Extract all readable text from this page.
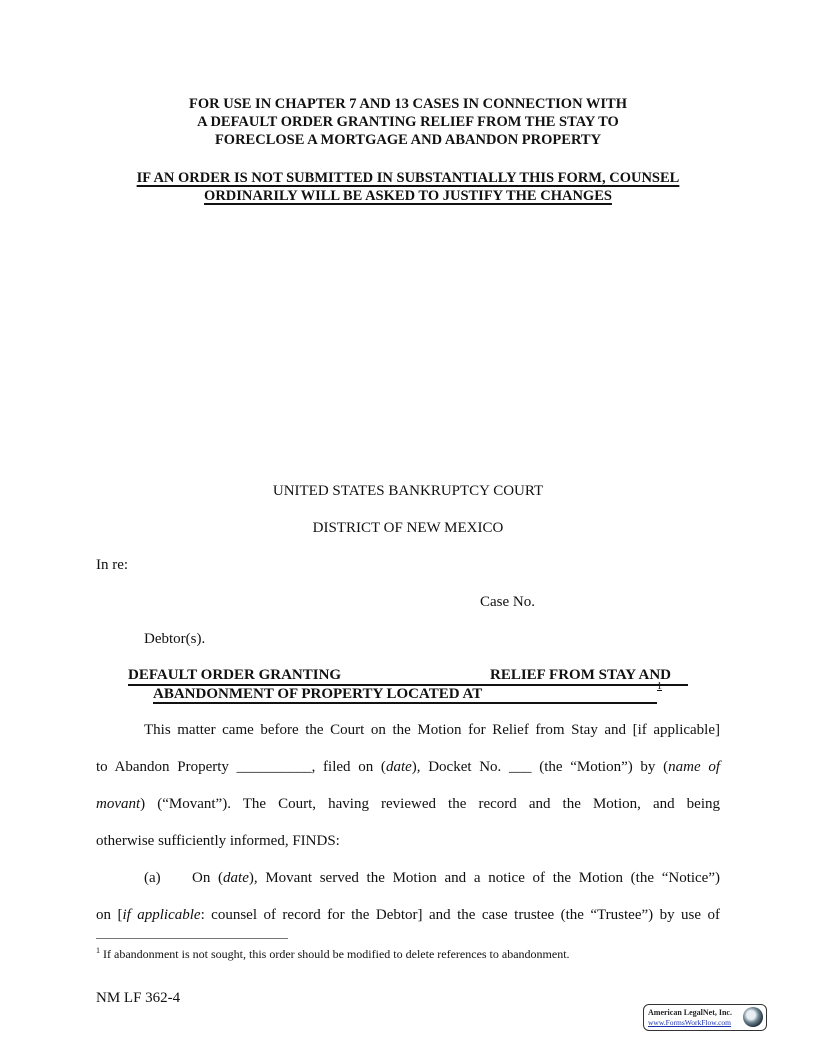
FOR USE IN CHAPTER 7 AND 13 CASES IN CONNECTION WITH
A DEFAULT ORDER GRANTING RELIEF FROM THE STAY TO
FORECLOSE A MORTGAGE AND ABANDON PROPERTY
IF AN ORDER IS NOT SUBMITTED IN SUBSTANTIALLY THIS FORM, COUNSEL
ORDINARILY WILL BE ASKED TO JUSTIFY THE CHANGES
UNITED STATES BANKRUPTCY COURT
DISTRICT OF NEW MEXICO
In re:
Case No.
Debtor(s).
DEFAULT ORDER GRANTING	RELIEF FROM STAY AND
ABANDONMENT OF PROPERTY LOCATED AT	1
This matter came before the Court on the Motion for Relief from Stay and [if applicable]
to Abandon Property __________, filed on (date), Docket No. ___ (the “Motion”) by (name of
movant) (“Movant”). The Court, having reviewed the record and the Motion, and being
otherwise sufficiently informed, FINDS:
(a) On (date), Movant served the Motion and a notice of the Motion (the “Notice”)
on [if applicable: counsel of record for the Debtor] and the case trustee (the “Trustee”) by use of
$^1$ If abandonment is not sought, this order should be modified to delete references to abandonment.
NM LF 362-4
American LegalNet, Inc.
www.FormsWorkFlow.com
